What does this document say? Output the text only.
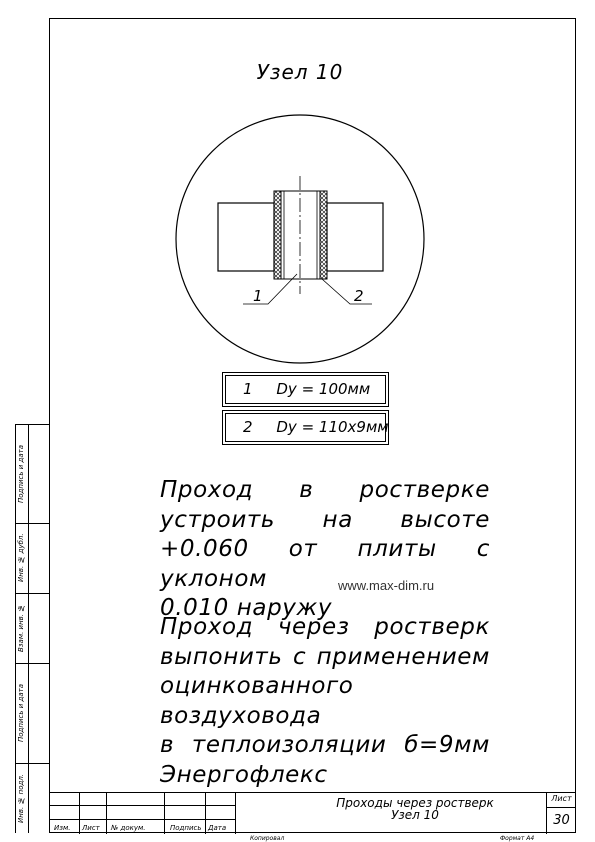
Подпись и дата
Инв. № дубл.
Взам. инв. №
Подпись и дата
Инв. № подл.
Узел 10
1	2
1     Dy = 100мм
2     Dy = 110x9мм
Проход в ростверке
устроить на высоте
+0.060 от плиты с уклоном
0.010 наружу
www.max-dim.ru
Проход через ростверк
выпонить с применением
оцинкованного воздуховода
в теплоизоляции б=9мм
Энергофлекс
Изм. Лист № докум.	Подпись Дата
Проходы через ростверк
Узел 10
Лист
30
Копировал	Формат А4
